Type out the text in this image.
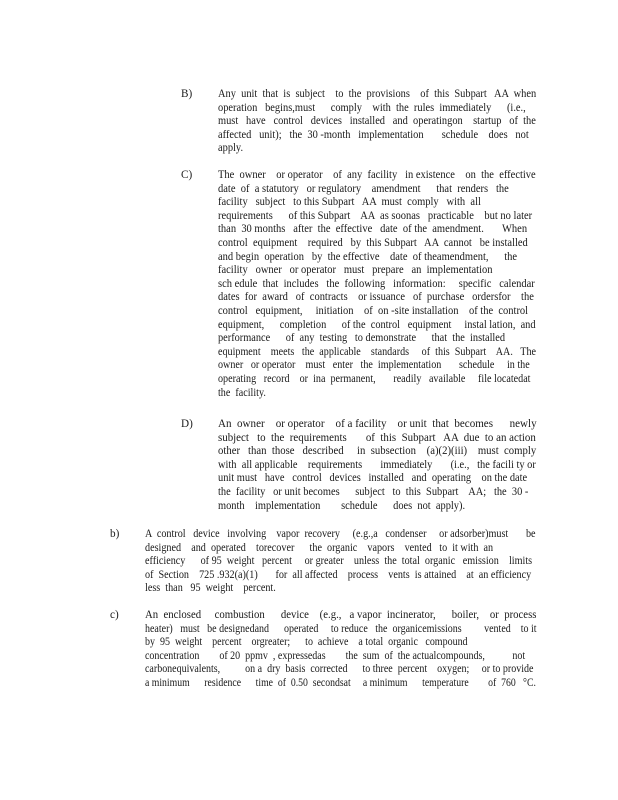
B) Any  unit  that  is  subject    to  the  provisions    of  this  Subpart   AA  when

operation   begins,must      comply    with  the  rules  immediately      (i.e.,

must   have   control   devices   installed   and  operatingon    startup   of  the

affected   unit);   the  30 -month   implementation       schedule    does   not

apply.

C) The  owner    or operator    of  any  facility   in existence    on  the  effective

date  of  a statutory   or regulatory    amendment      that  renders   the

facility   subject   to this Subpart   AA  must  comply   with  all

requirements      of this Subpart    AA  as soonas   practicable    but no later

than  30 months   after  the  effective   date  of the  amendment.       When

control  equipment    required   by  this Subpart   AA  cannot   be installed

and begin  operation   by  the effective    date  of theamendment,      the

facility   owner   or operator   must   prepare   an  implementation

sch edule  that  includes   the  following   information:     specific   calendar

dates  for  award   of  contracts    or issuance   of  purchase   ordersfor    the

control   equipment,     initiation    of  on -site installation    of the  control

equipment,      completion      of the  control   equipment     instal lation,  and

performance      of  any  testing   to demonstrate      that  the  installed

equipment    meets   the  applicable    standards     of  this  Subpart    AA.   The

owner   or operator    must   enter   the  implementation       schedule     in the

operating   record    or  ina  permanent,       readily   available     file locatedat

the  facility.

D) An  owner    or operator    of a facility    or unit  that  becomes      newly

subject   to  the  requirements       of  this  Subpart   AA  due  to an action

other   than  those   described     in  subsection    (a)(2)(iii)    must  comply

with  all applicable    requirements       immediately       (i.e.,   the facili ty or

unit must   have   control   devices   installed   and  operating    on the date

the  facility   or unit becomes      subject   to  this  Subpart    AA;   the  30 -

month    implementation        schedule      does  not  apply).

b) A  control   device   involving    vapor  recovery     (e.g.,a   condenser     or adsorber)must       be

designed    and  operated    torecover      the  organic    vapors    vented   to  it with  an

efficiency      of 95  weight   percent     or greater    unless  the  total  organic   emission    limits

of  Section    725 .932(a)(1)       for  all affected    process    vents  is attained    at  an efficiency

less  than   95  weight    percent.

c) An  enclosed     combustion      device    (e.g.,   a vapor  incinerator,      boiler,    or  process

heater)   must   be designedand      operated     to reduce   the  organicemissions         vented    to it

by  95  weight    percent    orgreater;      to  achieve    a total  organic   compound

concentration        of 20  ppmv  , expressedas        the  sum  of  the actualcompounds,           not

carbonequivalents,          on a  dry  basis  corrected      to three  percent    oxygen;     or to provide

a minimum      residence      time  of  0.50  secondsat     a minimum      temperature        of  760   °C.
